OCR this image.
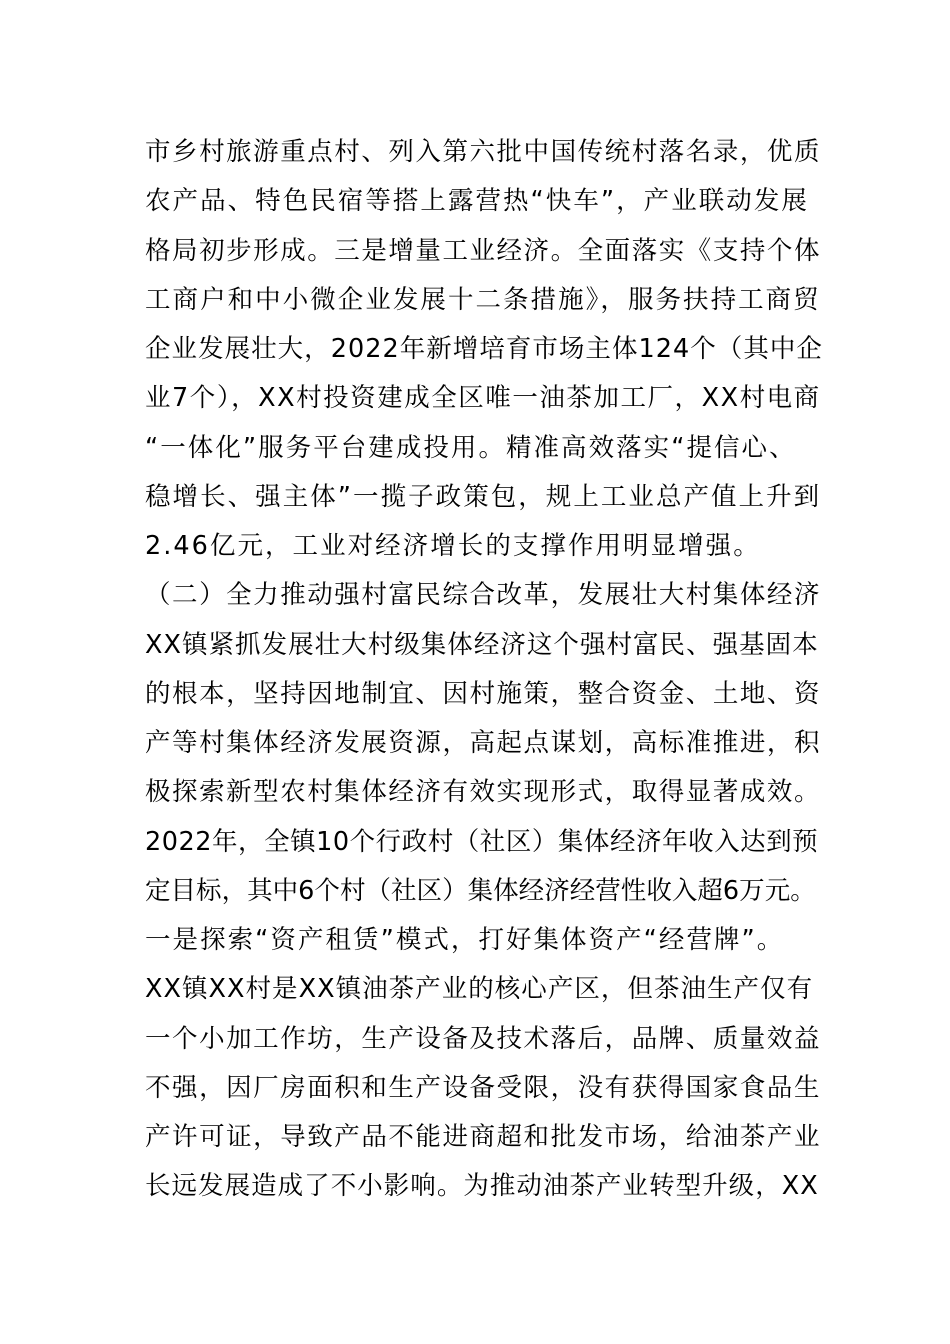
市乡村旅游重点村、列入第六批中国传统村落名录，优质
农产品、特色民宿等搭上露营热“快车”，产业联动发展
格局初步形成。三是增量工业经济。全面落实《支持个体
工商户和中小微企业发展十二条措施》，服务扶持工商贸
企业发展壮大，2022年新增培育市场主体124个（其中企
业7个），XX村投资建成全区唯一油茶加工厂，XX村电商
“一体化”服务平台建成投用。精准高效落实“提信心、
稳增长、强主体”一揽子政策包，规上工业总产值上升到
2.46亿元，工业对经济增长的支撑作用明显增强。
（二）全力推动强村富民综合改革，发展壮大村集体经济
XX镇紧抓发展壮大村级集体经济这个强村富民、强基固本
的根本，坚持因地制宜、因村施策，整合资金、土地、资
产等村集体经济发展资源，高起点谋划，高标准推进，积
极探索新型农村集体经济有效实现形式，取得显著成效。
2022年，全镇10个行政村（社区）集体经济年收入达到预
定目标，其中6个村（社区）集体经济经营性收入超6万元。
一是探索“资产租赁”模式，打好集体资产“经营牌”。
XX镇XX村是XX镇油茶产业的核心产区，但茶油生产仅有
一个小加工作坊，生产设备及技术落后，品牌、质量效益
不强，因厂房面积和生产设备受限，没有获得国家食品生
产许可证，导致产品不能进商超和批发市场，给油茶产业
长远发展造成了不小影响。为推动油茶产业转型升级，XX
